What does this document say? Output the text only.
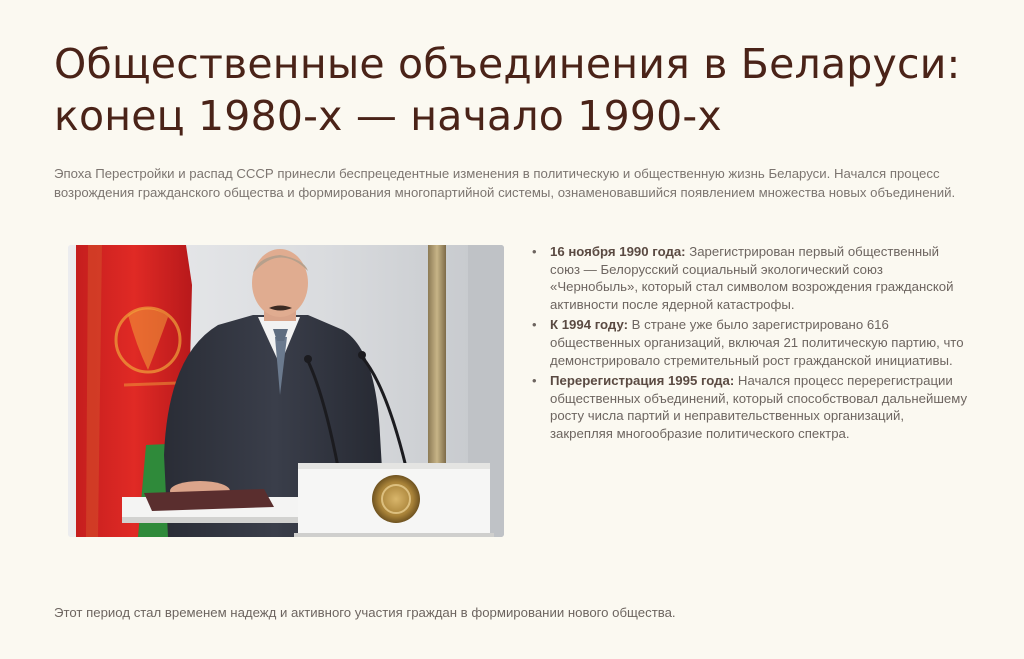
Общественные объединения в Беларуси: конец 1980-х — начало 1990-х

Эпоха Перестройки и распад СССР принесли беспрецедентные изменения в политическую и общественную жизнь Беларуси. Начался процесс возрождения гражданского общества и формирования многопартийной системы, ознаменовавшийся появлением множества новых объединений.

• 16 ноября 1990 года: Зарегистрирован первый общественный союз — Белорусский социальный экологический союз «Чернобыль», который стал символом возрождения гражданской активности после ядерной катастрофы.
• К 1994 году: В стране уже было зарегистрировано 616 общественных организаций, включая 21 политическую партию, что демонстрировало стремительный рост гражданской инициативы.
• Перерегистрация 1995 года: Начался процесс перерегистрации общественных объединений, который способствовал дальнейшему росту числа партий и неправительственных организаций, закрепляя многообразие политического спектра.

Этот период стал временем надежд и активного участия граждан в формировании нового общества.
